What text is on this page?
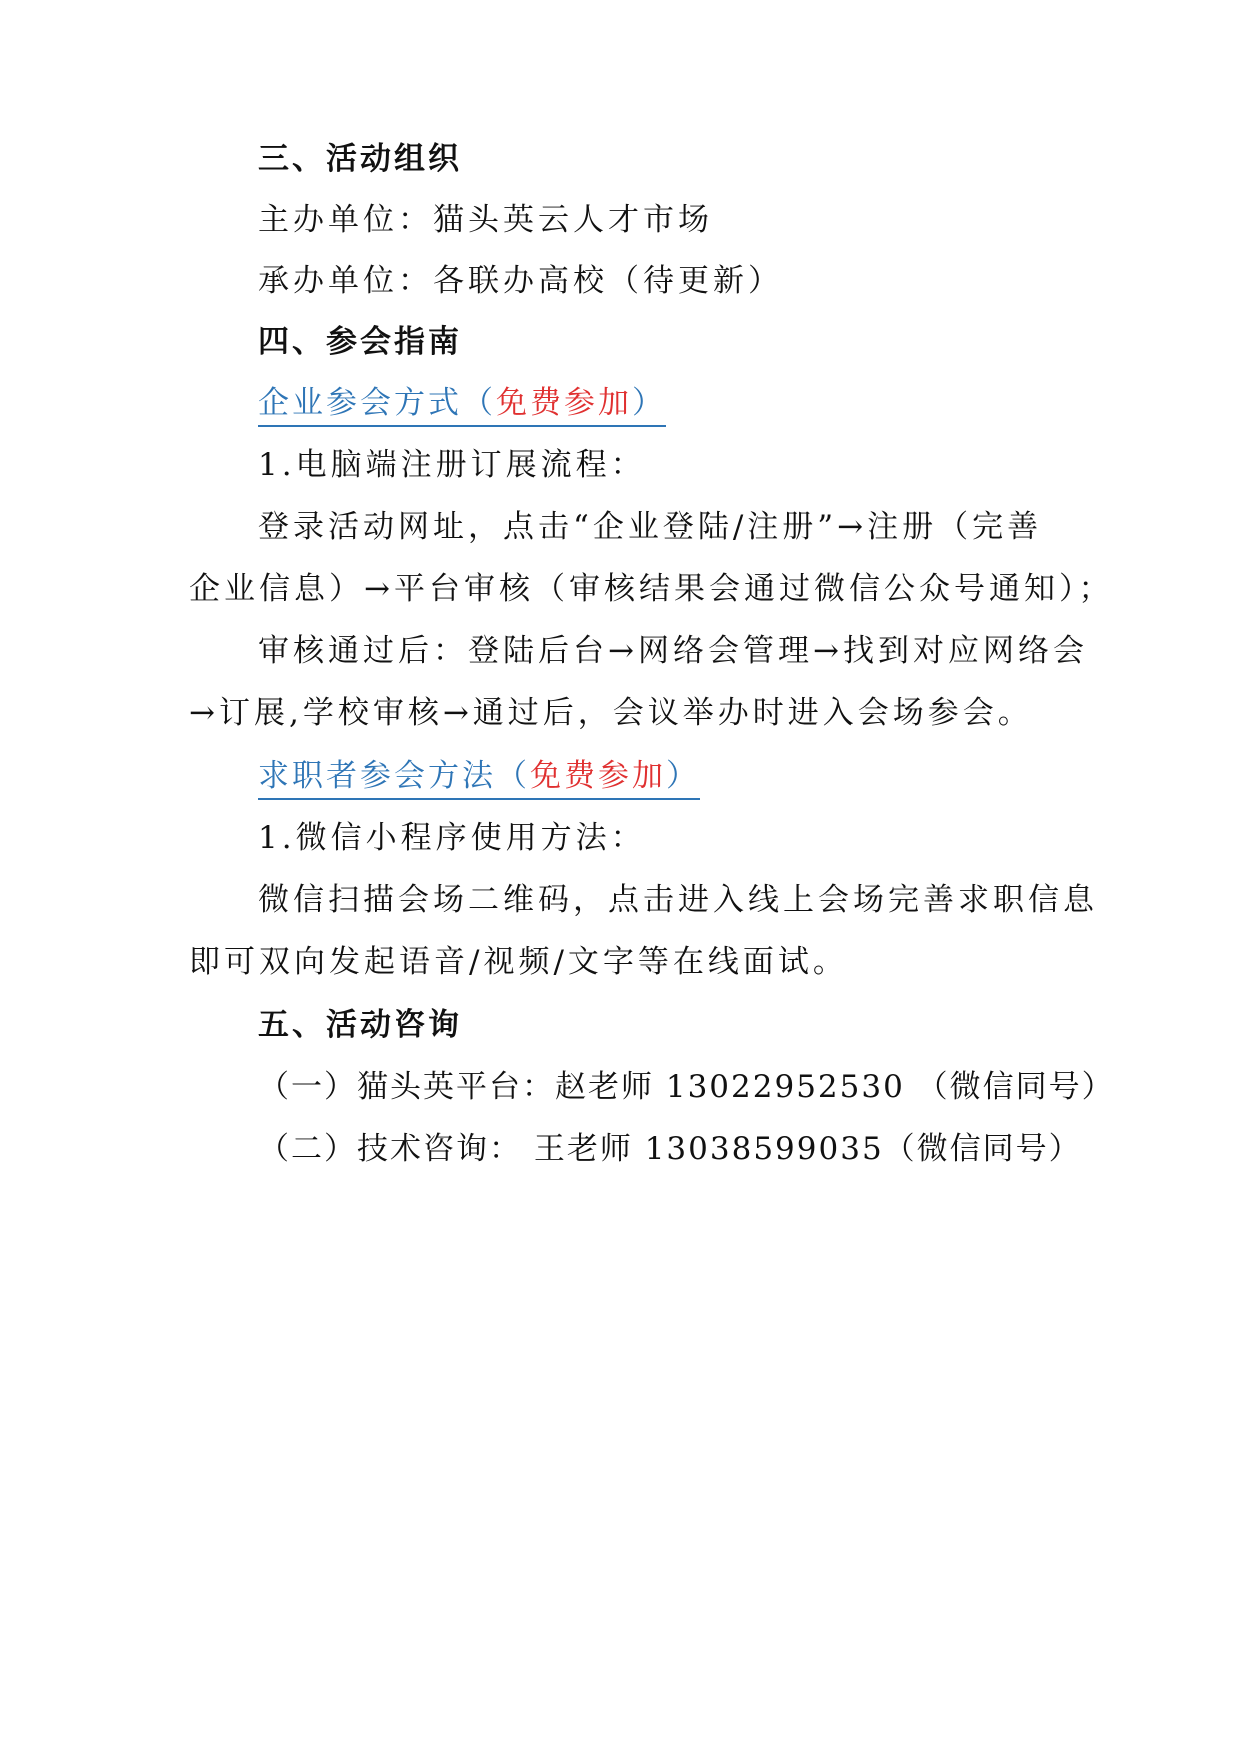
三、活动组织
主办单位：猫头英云人才市场
承办单位：各联办高校（待更新）
四、参会指南
企业参会方式（免费参加）
1.电脑端注册订展流程：
登录活动网址，点击“企业登陆/注册”→注册（完善
企业信息）→平台审核（审核结果会通过微信公众号通知）；
审核通过后：登陆后台→网络会管理→找到对应网络会
→订展,学校审核→通过后，会议举办时进入会场参会。
求职者参会方法（免费参加）
1.微信小程序使用方法：
微信扫描会场二维码，点击进入线上会场完善求职信息
即可双向发起语音/视频/文字等在线面试。
五、活动咨询
（一）猫头英平台：赵老师 13022952530 （微信同号）
（二）技术咨询： 王老师 13038599035（微信同号）
